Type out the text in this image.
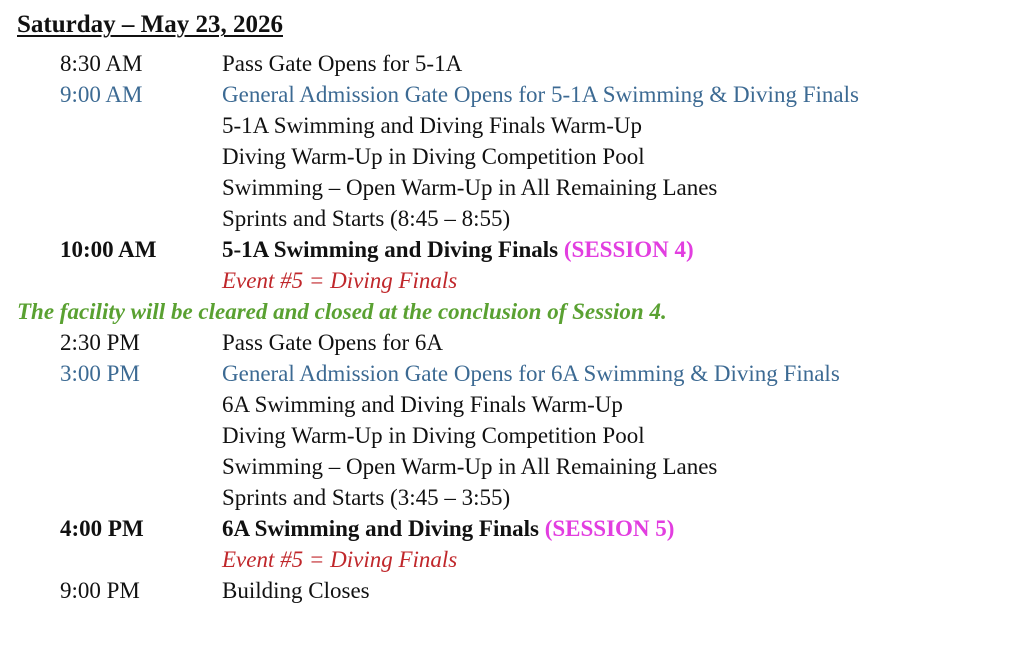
Saturday – May 23, 2026
8:30 AM	Pass Gate Opens for 5-1A
9:00 AM	General Admission Gate Opens for 5-1A Swimming & Diving Finals
5-1A Swimming and Diving Finals Warm-Up
Diving Warm-Up in Diving Competition Pool
Swimming – Open Warm-Up in All Remaining Lanes
Sprints and Starts (8:45 – 8:55)
10:00 AM	5-1A Swimming and Diving Finals (SESSION 4)
Event #5 = Diving Finals
The facility will be cleared and closed at the conclusion of Session 4.
2:30 PM	Pass Gate Opens for 6A
3:00 PM	General Admission Gate Opens for 6A Swimming & Diving Finals
6A Swimming and Diving Finals Warm-Up
Diving Warm-Up in Diving Competition Pool
Swimming – Open Warm-Up in All Remaining Lanes
Sprints and Starts (3:45 – 3:55)
4:00 PM	6A Swimming and Diving Finals (SESSION 5)
Event #5 = Diving Finals
9:00 PM	Building Closes
